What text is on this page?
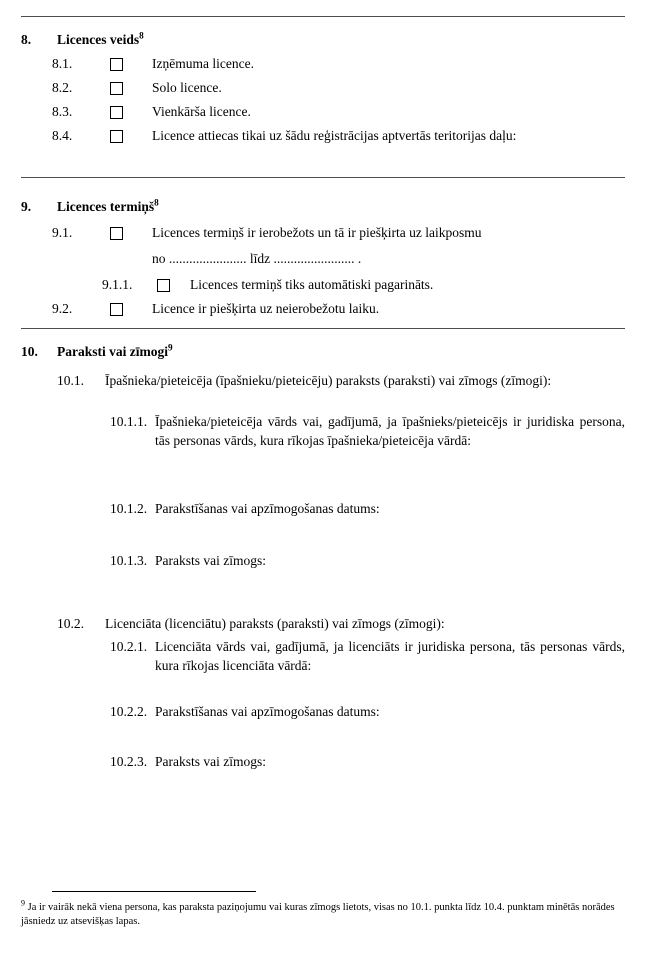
8. Licences veids$^8$
8.1.	Izņēmuma licence.
8.2.	Solo licence.
8.3.	Vienkārša licence.
8.4.	Licence attiecas tikai uz šādu reģistrācijas aptvertās teritorijas daļu:
9. Licences termiņš$^8$
9.1.	Licences termiņš ir ierobežots un tā ir piešķirta uz laikposmu
no ....................... līdz ........................ .
9.1.1.	Licences termiņš tiks automātiski pagarināts.
9.2.	Licence ir piešķirta uz neierobežotu laiku.
10. Paraksti vai zīmogi$^9$
10.1. Īpašnieka/pieteicēja (īpašnieku/pieteicēju) paraksts (paraksti) vai zīmogs (zīmogi):
10.1.1. Īpašnieka/pieteicēja vārds vai, gadījumā, ja īpašnieks/pieteicējs ir juridiska persona, tās personas vārds, kura rīkojas īpašnieka/pieteicēja vārdā:
10.1.2. Parakstīšanas vai apzīmogošanas datums:
10.1.3. Paraksts vai zīmogs:
10.2. Licenciāta (licenciātu) paraksts (paraksti) vai zīmogs (zīmogi):
10.2.1. Licenciāta vārds vai, gadījumā, ja licenciāts ir juridiska persona, tās personas vārds, kura rīkojas licenciāta vārdā:
10.2.2. Parakstīšanas vai apzīmogošanas datums:
10.2.3. Paraksts vai zīmogs:
$^9$ Ja ir vairāk nekā viena persona, kas paraksta paziņojumu vai kuras zīmogs lietots, visas no 10.1. punkta līdz 10.4. punktam minētās norādes jāsniedz uz atsevišķas lapas.
